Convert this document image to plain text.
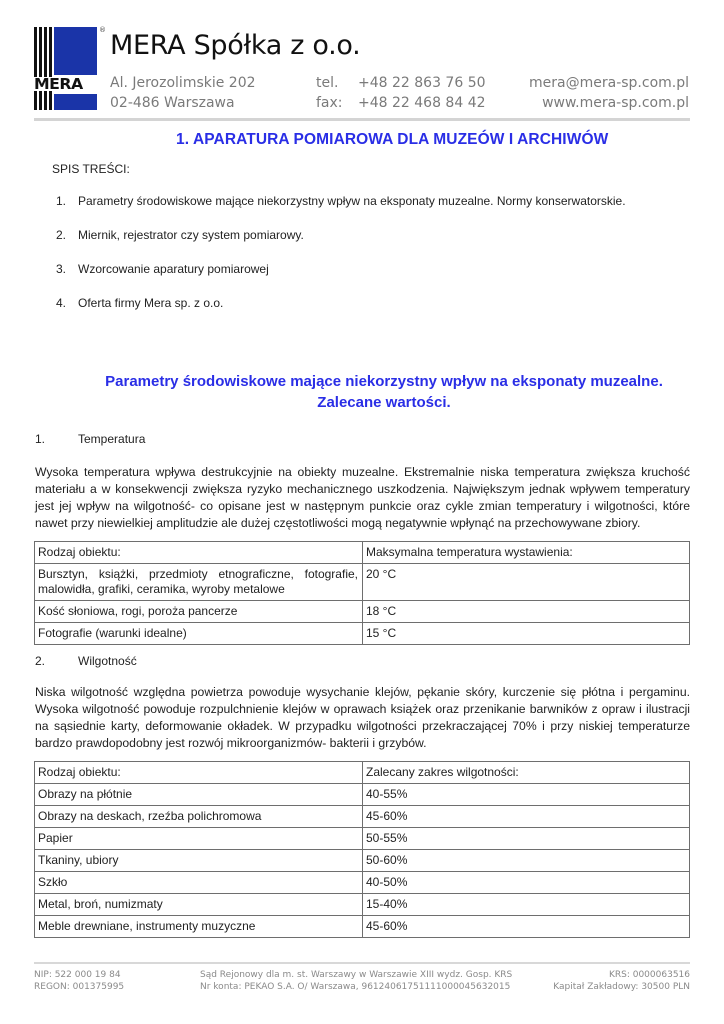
MERA
® MERA Spółka z o.o.
Al. Jerozolimskie 202
02-486 Warszawa
tel. +48 22 863 76 50
fax: +48 22 468 84 42
mera@mera-sp.com.pl
www.mera-sp.com.pl
1. APARATURA POMIAROWA DLA MUZEÓW I ARCHIWÓW
SPIS TREŚCI:
1. Parametry środowiskowe mające niekorzystny wpływ na eksponaty muzealne. Normy konserwatorskie.
2. Miernik, rejestrator czy system pomiarowy.
3. Wzorcowanie aparatury pomiarowej
4. Oferta firmy Mera sp. z o.o.
Parametry środowiskowe mające niekorzystny wpływ na eksponaty muzealne.
Zalecane wartości.
1.	Temperatura
Wysoka temperatura wpływa destrukcyjnie na obiekty muzealne. Ekstremalnie niska temperatura zwiększa kruchość materiału a w konsekwencji zwiększa ryzyko mechanicznego uszkodzenia. Największym jednak wpływem temperatury jest jej wpływ na wilgotność- co opisane jest w następnym punkcie oraz cykle zmian temperatury i wilgotności, które nawet przy niewielkiej amplitudzie ale dużej częstotliwości mogą negatywnie wpłynąć na przechowywane zbiory.
Rodzaj obiektu:	Maksymalna temperatura wystawienia:
Bursztyn, książki, przedmioty etnograficzne, fotografie, malowidła, grafiki, ceramika, wyroby metalowe	20 °C
Kość słoniowa, rogi, poroża pancerze	18 °C
Fotografie (warunki idealne)	15 °C
2.	Wilgotność
Niska wilgotność względna powietrza powoduje wysychanie klejów, pękanie skóry, kurczenie się płótna i pergaminu. Wysoka wilgotność powoduje rozpulchnienie klejów w oprawach książek oraz przenikanie barwników z opraw i ilustracji na sąsiednie karty, deformowanie okładek. W przypadku wilgotności przekraczającej 70% i przy niskiej temperaturze bardzo prawdopodobny jest rozwój mikroorganizmów- bakterii i grzybów.
Rodzaj obiektu:	Zalecany zakres wilgotności:
Obrazy na płótnie	40-55%
Obrazy na deskach, rzeźba polichromowa	45-60%
Papier	50-55%
Tkaniny, ubiory	50-60%
Szkło	40-50%
Metal, broń, numizmaty	15-40%
Meble drewniane, instrumenty muzyczne	45-60%
NIP: 522 000 19 84
REGON: 001375995
Sąd Rejonowy dla m. st. Warszawy w Warszawie XIII wydz. Gosp. KRS
Nr konta: PEKAO S.A. O/ Warszawa, 96124061751111000045632015
KRS: 0000063516
Kapitał Zakładowy: 30500 PLN
